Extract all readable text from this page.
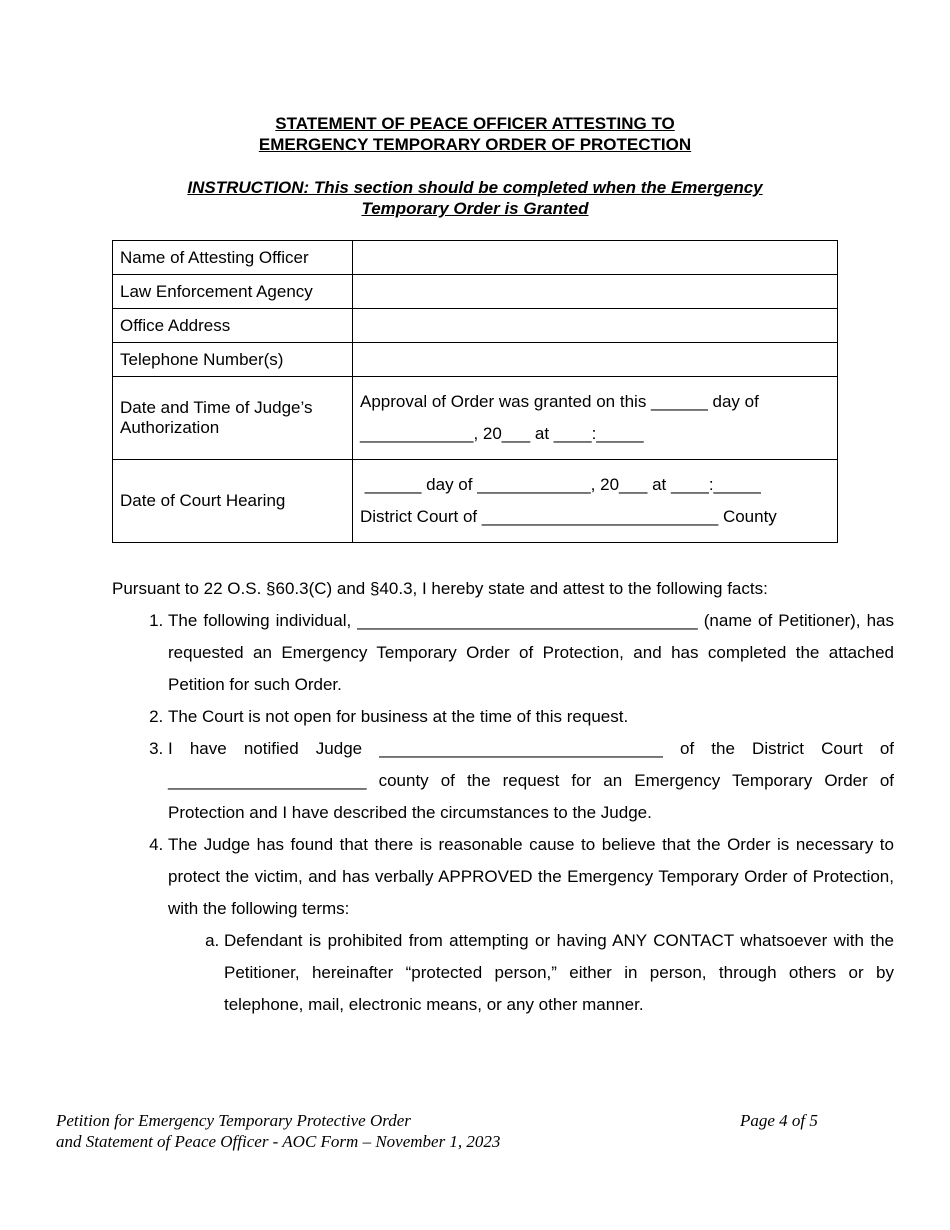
STATEMENT OF PEACE OFFICER ATTESTING TO
EMERGENCY TEMPORARY ORDER OF PROTECTION
INSTRUCTION: This section should be completed when the Emergency
Temporary Order is Granted
Name of Attesting Officer	
Law Enforcement Agency	
Office Address	
Telephone Number(s)	
Date and Time of Judge’s Authorization	Approval of Order was granted on this ______ day of
____________, 20___ at ____:_____

Date of Court Hearing	______ day of ____________, 20___ at ____:_____
District Court of _________________________ County
Pursuant to 22 O.S. §60.3(C) and §40.3, I hereby state and attest to the following facts:
1. The following individual, ____________________________________ (name of Petitioner), has requested an Emergency Temporary Order of Protection, and has completed the attached Petition for such Order.
2. The Court is not open for business at the time of this request.
3. I have notified Judge ______________________________ of the District Court of _____________________ county of the request for an Emergency Temporary Order of Protection and I have described the circumstances to the Judge.
4. The Judge has found that there is reasonable cause to believe that the Order is necessary to protect the victim, and has verbally APPROVED the Emergency Temporary Order of Protection, with the following terms:
a. Defendant is prohibited from attempting or having ANY CONTACT whatsoever with the Petitioner, hereinafter “protected person,” either in person, through others or by telephone, mail, electronic means, or any other manner.
Petition for Emergency Temporary Protective Order
and Statement of Peace Officer - AOC Form – November 1, 2023
Page 4 of 5
